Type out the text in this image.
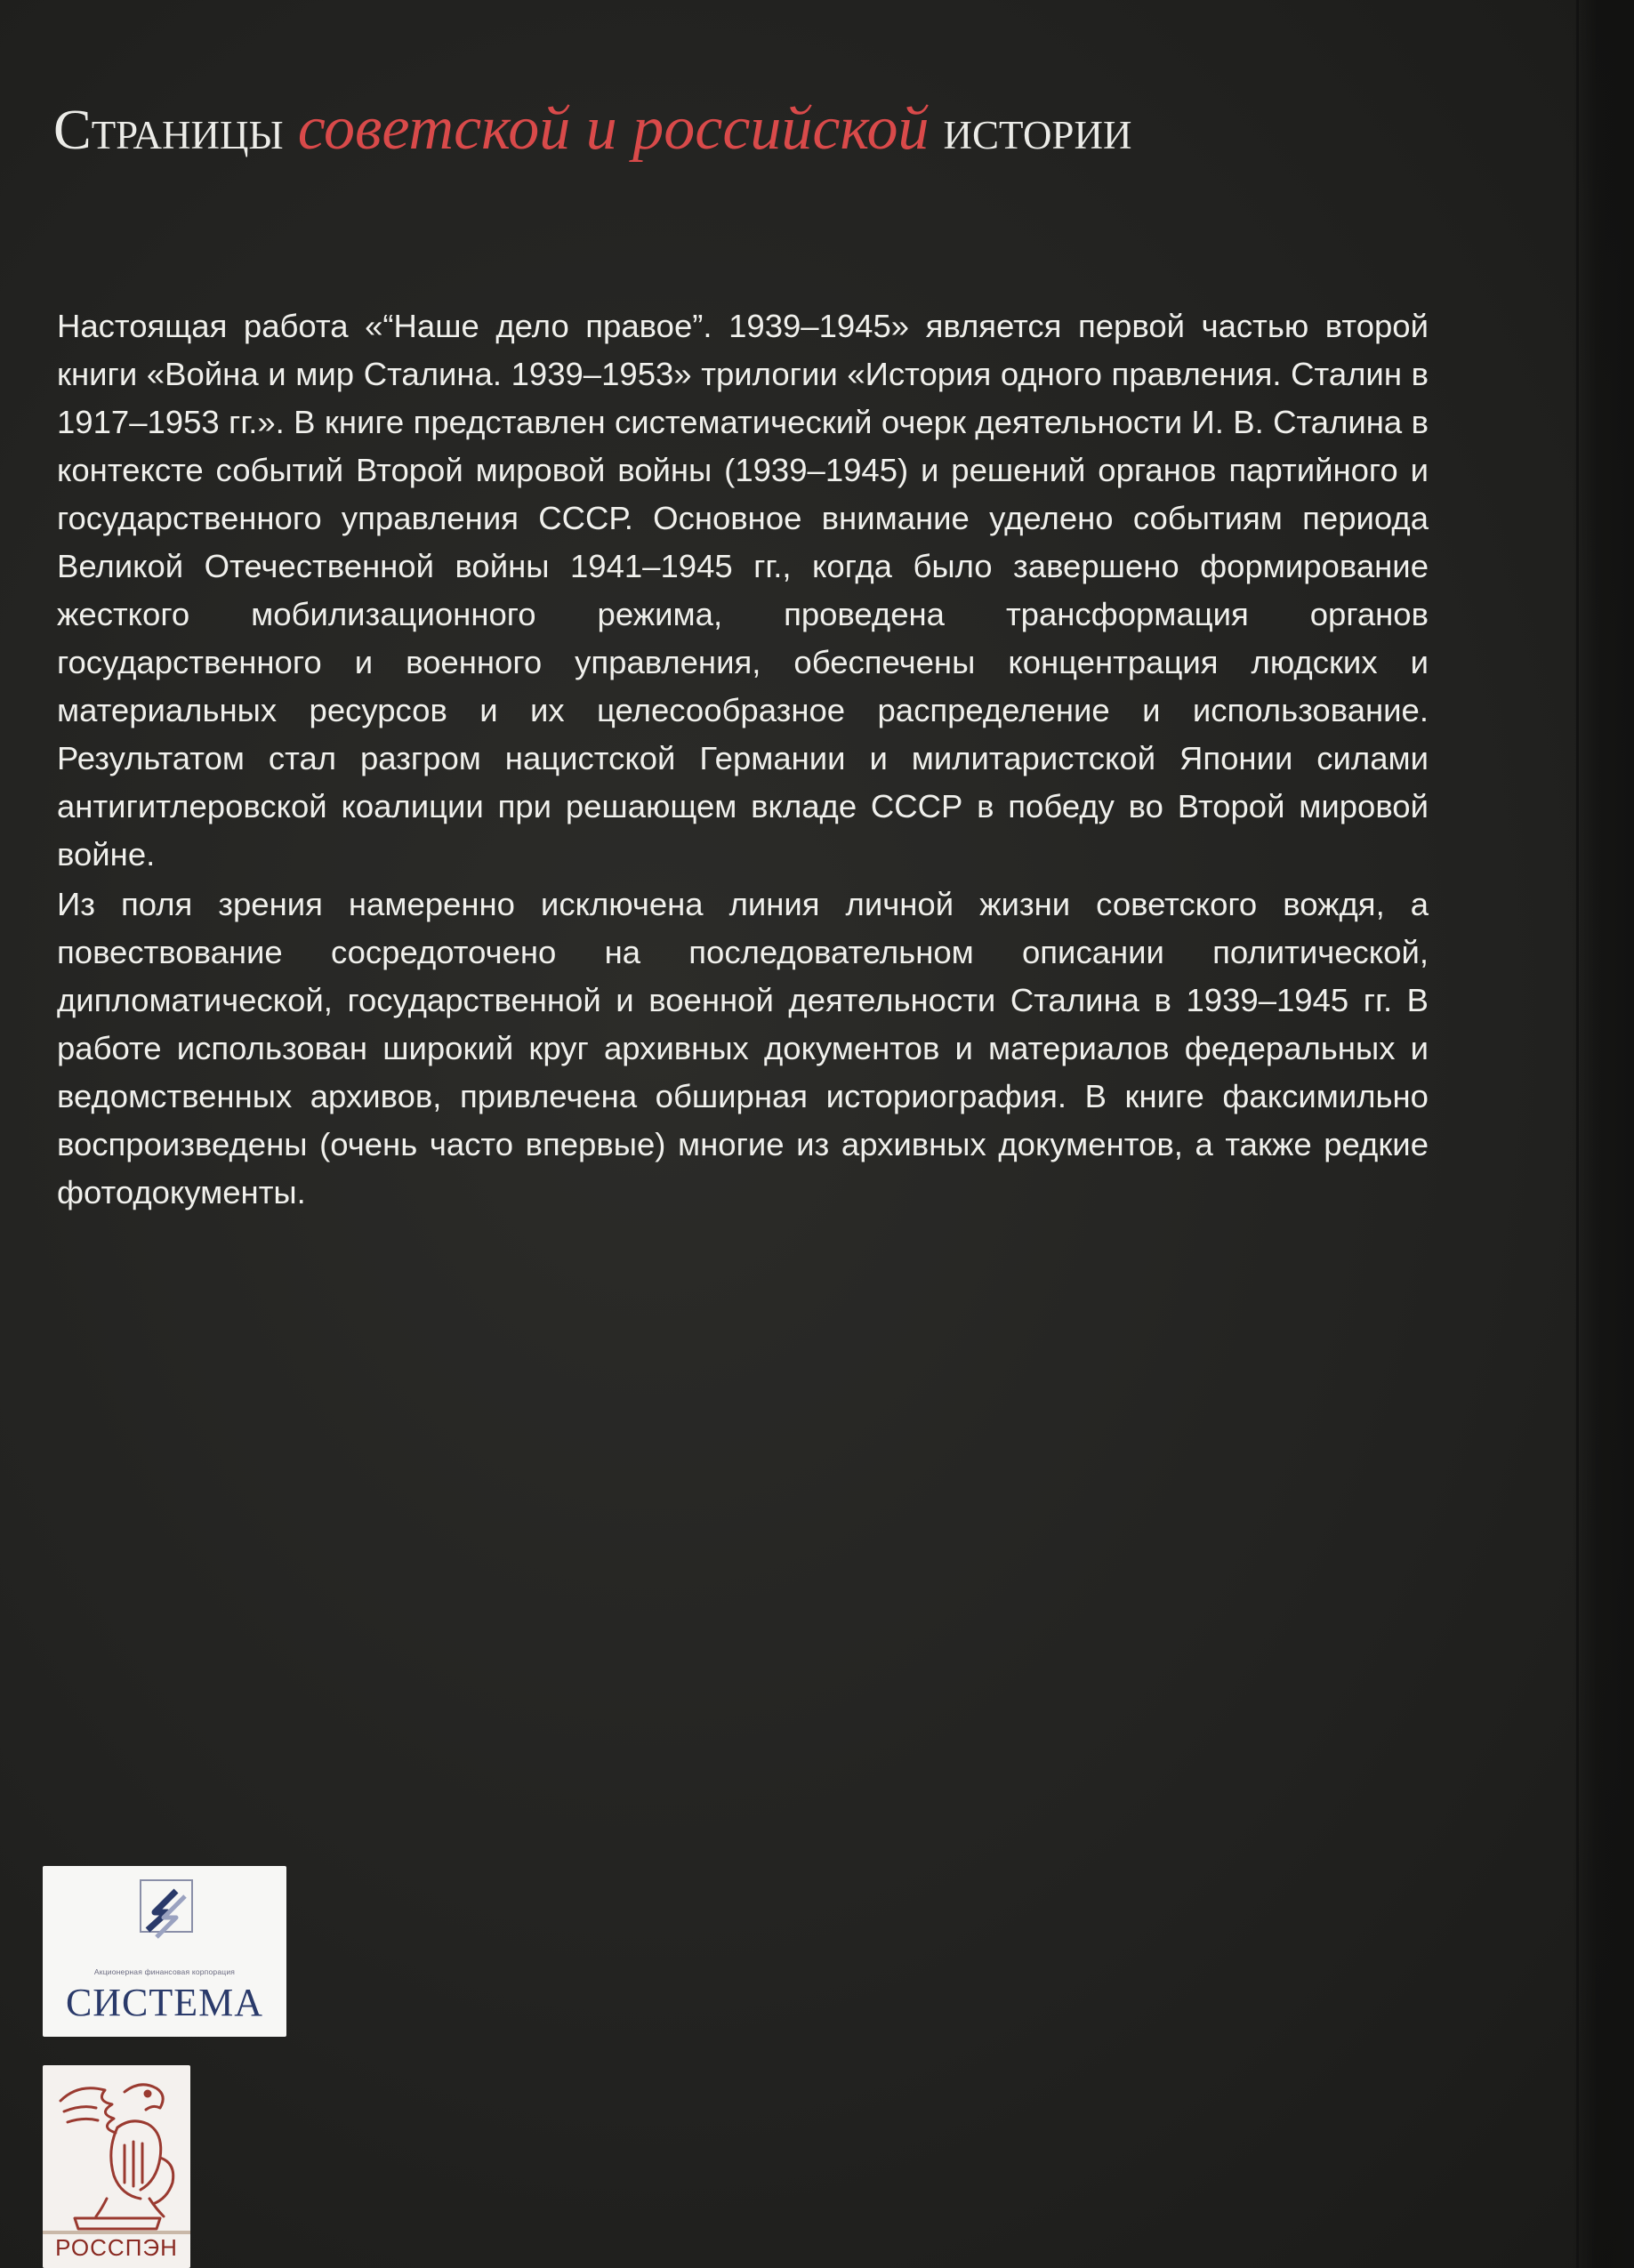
Страницы советской и российской истории

Настоящая работа «“Наше дело правое”. 1939–1945» является первой частью второй книги «Война и мир Сталина. 1939–1953» трилогии «История одного правления. Сталин в 1917–1953 гг.». В книге представлен систематический очерк деятельности И. В. Сталина в контексте событий Второй мировой войны (1939–1945) и решений органов партийного и государственного управления СССР. Основное внимание уделено событиям периода Великой Отечественной войны 1941–1945 гг., когда было завершено формирование жесткого мобилизационного режима, проведена трансформация органов государственного и военного управления, обеспечены концентрация людских и материальных ресурсов и их целесообразное распределение и использование. Результатом стал разгром нацистской Германии и милитаристской Японии силами антигитлеровской коалиции при решающем вкладе СССР в победу во Второй мировой войне.

Из поля зрения намеренно исключена линия личной жизни советского вождя, а повествование сосредоточено на последовательном описании политической, дипломатической, государственной и военной деятельности Сталина в 1939–1945 гг. В работе использован широкий круг архивных документов и материалов федеральных и ведомственных архивов, привлечена обширная историография. В книге факсимильно воспроизведены (очень часто впервые) многие из архивных документов, а также редкие фотодокументы.

Акционерная финансовая корпорация
СИСТЕМА
РОССПЭН
